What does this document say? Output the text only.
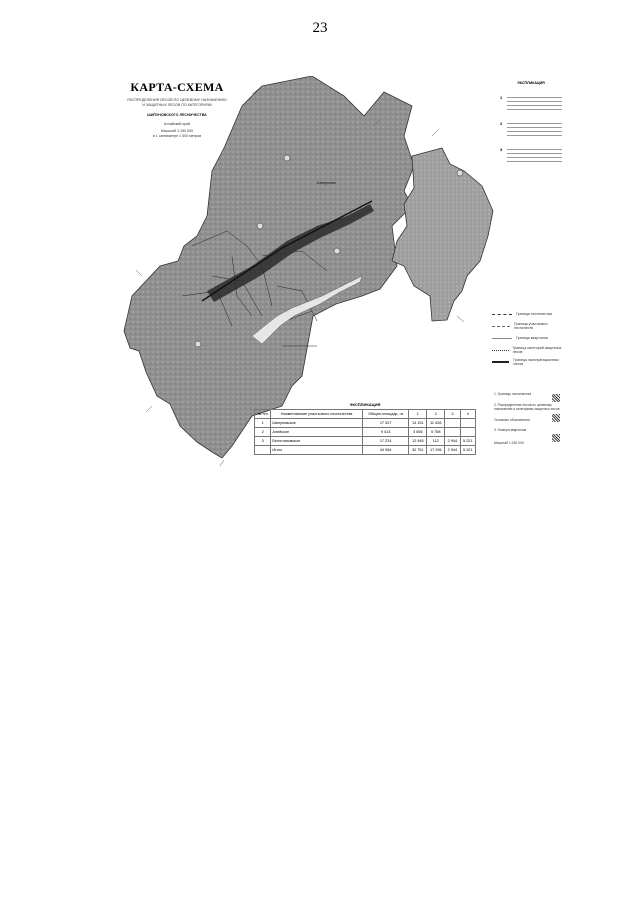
23
Шипуново
КАРТА-СХЕМА
РАСПРЕДЕЛЕНИЯ ЛЕСОВ ПО ЦЕЛЕВОМУ НАЗНАЧЕНИЮ
И ЗАЩИТНЫХ ЛЕСОВ ПО КАТЕГОРИЯМ
ШИПУНОВСКОГО ЛЕСНИЧЕСТВА
Алтайский край
Масштаб 1:150 000
в 1 сантиметре 1 500 метров
ЭКСПЛИКАЦИЯ
1
2
3
Граница лесничества
Граница участковых лесничеств
Граница кварталов
Граница категорий защитных лесов
Граница эксплуатационных лесов
1. Границы лесничества
2. Распределение лесов по целевому назначению и категориям защитных лесов
Условные обозначения
3. Номера кварталов
Масштаб 1:150 000
ЭКСПЛИКАЦИЯ
№ п/п	Наименование участкового лесничества	Общая площадь, га	1	2	3	4
1	Шипуновское	17 327	14 151	11 426		
2	Алейское	9 413	3 655	5 758		
3	Белоглазовское	17 224	12 945	112	2 944	5 221
	Итого	44 964	30 751	17 296	2 944	5 221
